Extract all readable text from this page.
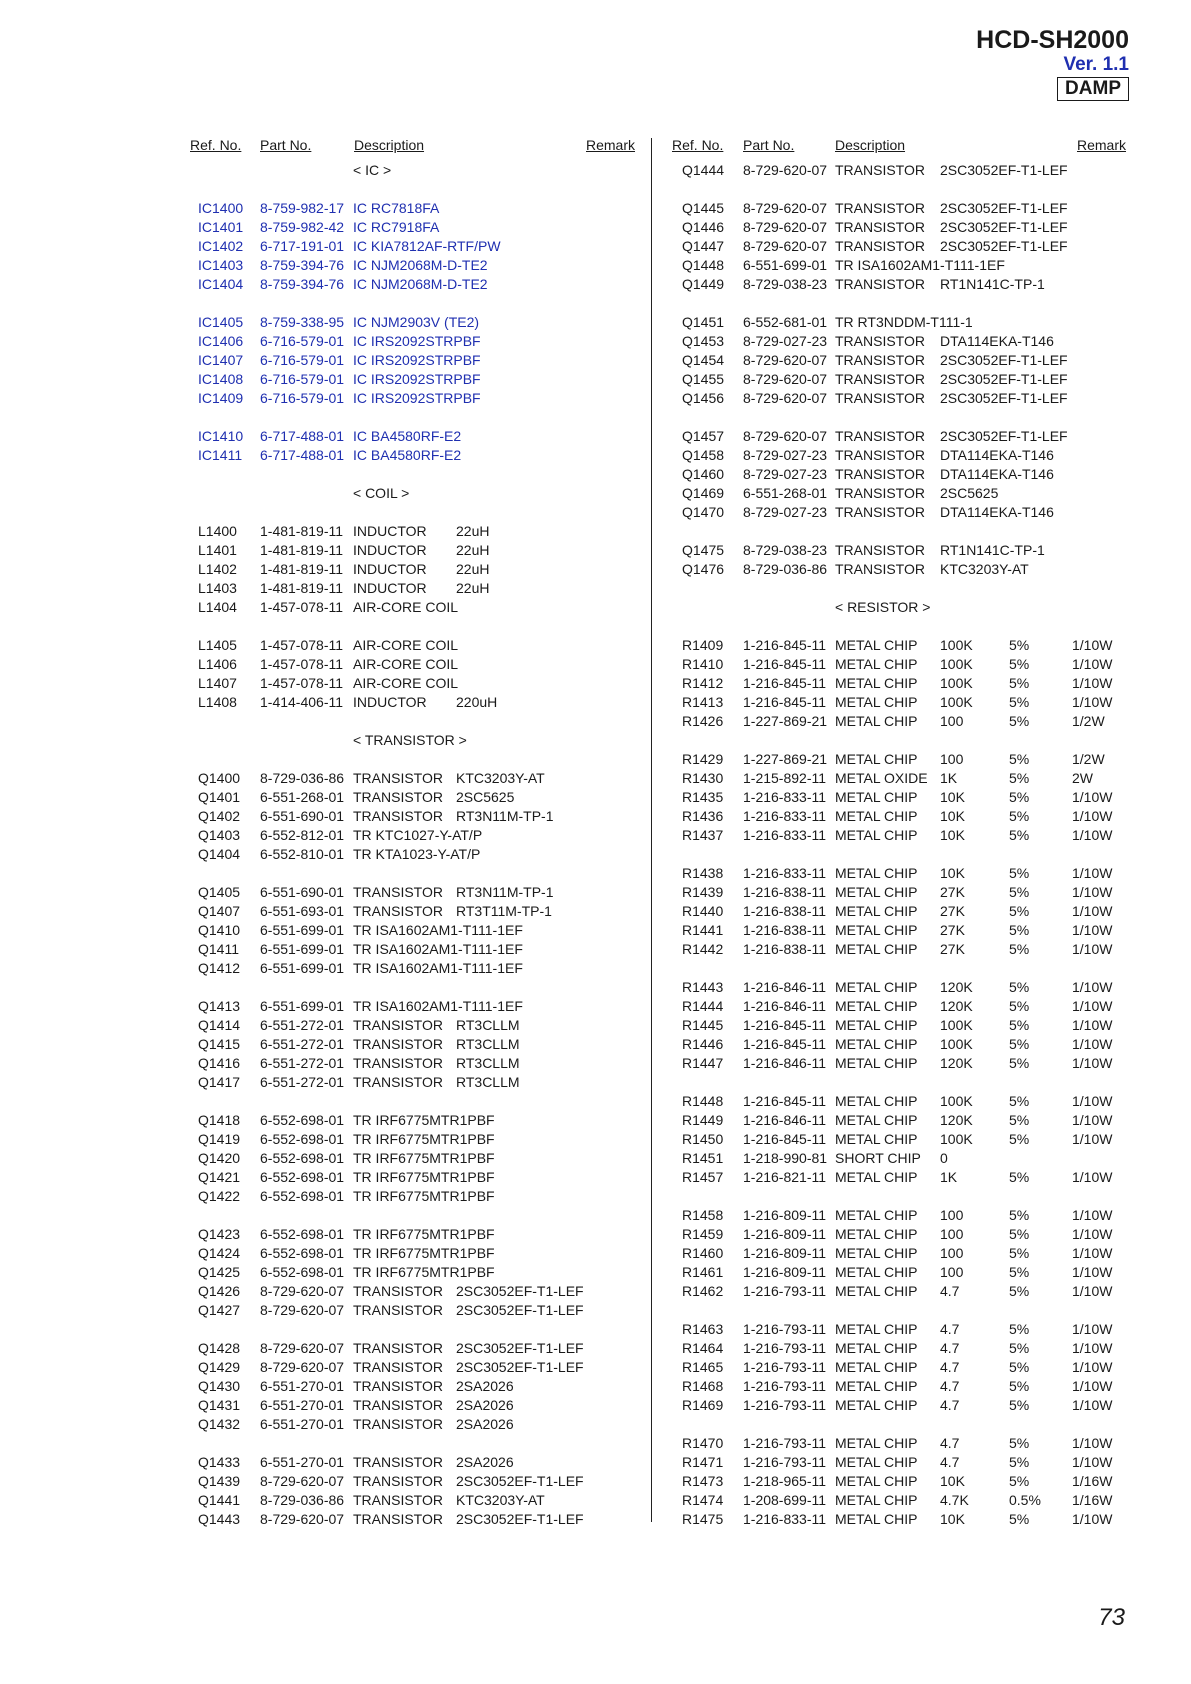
HCD-SH2000
Ver. 1.1
DAMP
Ref. No. Part No.	Description	Remark
< IC >
IC1400 8-759-982-17 IC RC7818FA
IC1401 8-759-982-42 IC RC7918FA
IC1402 6-717-191-01 IC KIA7812AF-RTF/PW
IC1403 8-759-394-76 IC NJM2068M-D-TE2
IC1404 8-759-394-76 IC NJM2068M-D-TE2
IC1405 8-759-338-95 IC NJM2903V (TE2)
IC1406 6-716-579-01 IC IRS2092STRPBF
IC1407 6-716-579-01 IC IRS2092STRPBF
IC1408 6-716-579-01 IC IRS2092STRPBF
IC1409 6-716-579-01 IC IRS2092STRPBF
IC1410 6-717-488-01 IC BA4580RF-E2
IC1411 6-717-488-01 IC BA4580RF-E2
< COIL >
L1400 1-481-819-11 INDUCTOR 22uH
L1401 1-481-819-11 INDUCTOR 22uH
L1402 1-481-819-11 INDUCTOR 22uH
L1403 1-481-819-11 INDUCTOR 22uH
L1404 1-457-078-11 AIR-CORE COIL
L1405 1-457-078-11 AIR-CORE COIL
L1406 1-457-078-11 AIR-CORE COIL
L1407 1-457-078-11 AIR-CORE COIL
L1408 1-414-406-11 INDUCTOR 220uH
< TRANSISTOR >
Q1400 8-729-036-86 TRANSISTOR KTC3203Y-AT
Q1401 6-551-268-01 TRANSISTOR 2SC5625
Q1402 6-551-690-01 TRANSISTOR RT3N11M-TP-1
Q1403 6-552-812-01 TR KTC1027-Y-AT/P
Q1404 6-552-810-01 TR KTA1023-Y-AT/P
Q1405 6-551-690-01 TRANSISTOR RT3N11M-TP-1
Q1407 6-551-693-01 TRANSISTOR RT3T11M-TP-1
Q1410 6-551-699-01 TR ISA1602AM1-T111-1EF
Q1411 6-551-699-01 TR ISA1602AM1-T111-1EF
Q1412 6-551-699-01 TR ISA1602AM1-T111-1EF
Q1413 6-551-699-01 TR ISA1602AM1-T111-1EF
Q1414 6-551-272-01 TRANSISTOR RT3CLLM
Q1415 6-551-272-01 TRANSISTOR RT3CLLM
Q1416 6-551-272-01 TRANSISTOR RT3CLLM
Q1417 6-551-272-01 TRANSISTOR RT3CLLM
Q1418 6-552-698-01 TR IRF6775MTR1PBF
Q1419 6-552-698-01 TR IRF6775MTR1PBF
Q1420 6-552-698-01 TR IRF6775MTR1PBF
Q1421 6-552-698-01 TR IRF6775MTR1PBF
Q1422 6-552-698-01 TR IRF6775MTR1PBF
Q1423 6-552-698-01 TR IRF6775MTR1PBF
Q1424 6-552-698-01 TR IRF6775MTR1PBF
Q1425 6-552-698-01 TR IRF6775MTR1PBF
Q1426 8-729-620-07 TRANSISTOR 2SC3052EF-T1-LEF
Q1427 8-729-620-07 TRANSISTOR 2SC3052EF-T1-LEF
Q1428 8-729-620-07 TRANSISTOR 2SC3052EF-T1-LEF
Q1429 8-729-620-07 TRANSISTOR 2SC3052EF-T1-LEF
Q1430 6-551-270-01 TRANSISTOR 2SA2026
Q1431 6-551-270-01 TRANSISTOR 2SA2026
Q1432 6-551-270-01 TRANSISTOR 2SA2026
Q1433 6-551-270-01 TRANSISTOR 2SA2026
Q1439 8-729-620-07 TRANSISTOR 2SC3052EF-T1-LEF
Q1441 8-729-036-86 TRANSISTOR KTC3203Y-AT
Q1443 8-729-620-07 TRANSISTOR 2SC3052EF-T1-LEF
Ref. No. Part No.	Description	Remark
Q1444 8-729-620-07 TRANSISTOR 2SC3052EF-T1-LEF
Q1445 8-729-620-07 TRANSISTOR 2SC3052EF-T1-LEF
Q1446 8-729-620-07 TRANSISTOR 2SC3052EF-T1-LEF
Q1447 8-729-620-07 TRANSISTOR 2SC3052EF-T1-LEF
Q1448 6-551-699-01 TR ISA1602AM1-T111-1EF
Q1449 8-729-038-23 TRANSISTOR RT1N141C-TP-1
Q1451 6-552-681-01 TR RT3NDDM-T111-1
Q1453 8-729-027-23 TRANSISTOR DTA114EKA-T146
Q1454 8-729-620-07 TRANSISTOR 2SC3052EF-T1-LEF
Q1455 8-729-620-07 TRANSISTOR 2SC3052EF-T1-LEF
Q1456 8-729-620-07 TRANSISTOR 2SC3052EF-T1-LEF
Q1457 8-729-620-07 TRANSISTOR 2SC3052EF-T1-LEF
Q1458 8-729-027-23 TRANSISTOR DTA114EKA-T146
Q1460 8-729-027-23 TRANSISTOR DTA114EKA-T146
Q1469 6-551-268-01 TRANSISTOR 2SC5625
Q1470 8-729-027-23 TRANSISTOR DTA114EKA-T146
Q1475 8-729-038-23 TRANSISTOR RT1N141C-TP-1
Q1476 8-729-036-86 TRANSISTOR KTC3203Y-AT
< RESISTOR >
R1409 1-216-845-11 METAL CHIP 100K	5%	1/10W
R1410 1-216-845-11 METAL CHIP 100K	5%	1/10W
R1412 1-216-845-11 METAL CHIP 100K	5%	1/10W
R1413 1-216-845-11 METAL CHIP 100K	5%	1/10W
R1426 1-227-869-21 METAL CHIP 100	5%	1/2W
R1429 1-227-869-21 METAL CHIP 100	5%	1/2W
R1430 1-215-892-11 METAL OXIDE 1K	5%	2W
R1435 1-216-833-11 METAL CHIP 10K	5%	1/10W
R1436 1-216-833-11 METAL CHIP 10K	5%	1/10W
R1437 1-216-833-11 METAL CHIP 10K	5%	1/10W
R1438 1-216-833-11 METAL CHIP 10K	5%	1/10W
R1439 1-216-838-11 METAL CHIP 27K	5%	1/10W
R1440 1-216-838-11 METAL CHIP 27K	5%	1/10W
R1441 1-216-838-11 METAL CHIP 27K	5%	1/10W
R1442 1-216-838-11 METAL CHIP 27K	5%	1/10W
R1443 1-216-846-11 METAL CHIP 120K	5%	1/10W
R1444 1-216-846-11 METAL CHIP 120K	5%	1/10W
R1445 1-216-845-11 METAL CHIP 100K	5%	1/10W
R1446 1-216-845-11 METAL CHIP 100K	5%	1/10W
R1447 1-216-846-11 METAL CHIP 120K	5%	1/10W
R1448 1-216-845-11 METAL CHIP 100K	5%	1/10W
R1449 1-216-846-11 METAL CHIP 120K	5%	1/10W
R1450 1-216-845-11 METAL CHIP 100K	5%	1/10W
R1451 1-218-990-81 SHORT CHIP 0
R1457 1-216-821-11 METAL CHIP 1K	5%	1/10W
R1458 1-216-809-11 METAL CHIP 100	5%	1/10W
R1459 1-216-809-11 METAL CHIP 100	5%	1/10W
R1460 1-216-809-11 METAL CHIP 100	5%	1/10W
R1461 1-216-809-11 METAL CHIP 100	5%	1/10W
R1462 1-216-793-11 METAL CHIP 4.7	5%	1/10W
R1463 1-216-793-11 METAL CHIP 4.7	5%	1/10W
R1464 1-216-793-11 METAL CHIP 4.7	5%	1/10W
R1465 1-216-793-11 METAL CHIP 4.7	5%	1/10W
R1468 1-216-793-11 METAL CHIP 4.7	5%	1/10W
R1469 1-216-793-11 METAL CHIP 4.7	5%	1/10W
R1470 1-216-793-11 METAL CHIP 4.7	5%	1/10W
R1471 1-216-793-11 METAL CHIP 4.7	5%	1/10W
R1473 1-218-965-11 METAL CHIP 10K	5%	1/16W
R1474 1-208-699-11 METAL CHIP 4.7K	0.5% 1/16W
R1475 1-216-833-11 METAL CHIP 10K	5%	1/10W
73
